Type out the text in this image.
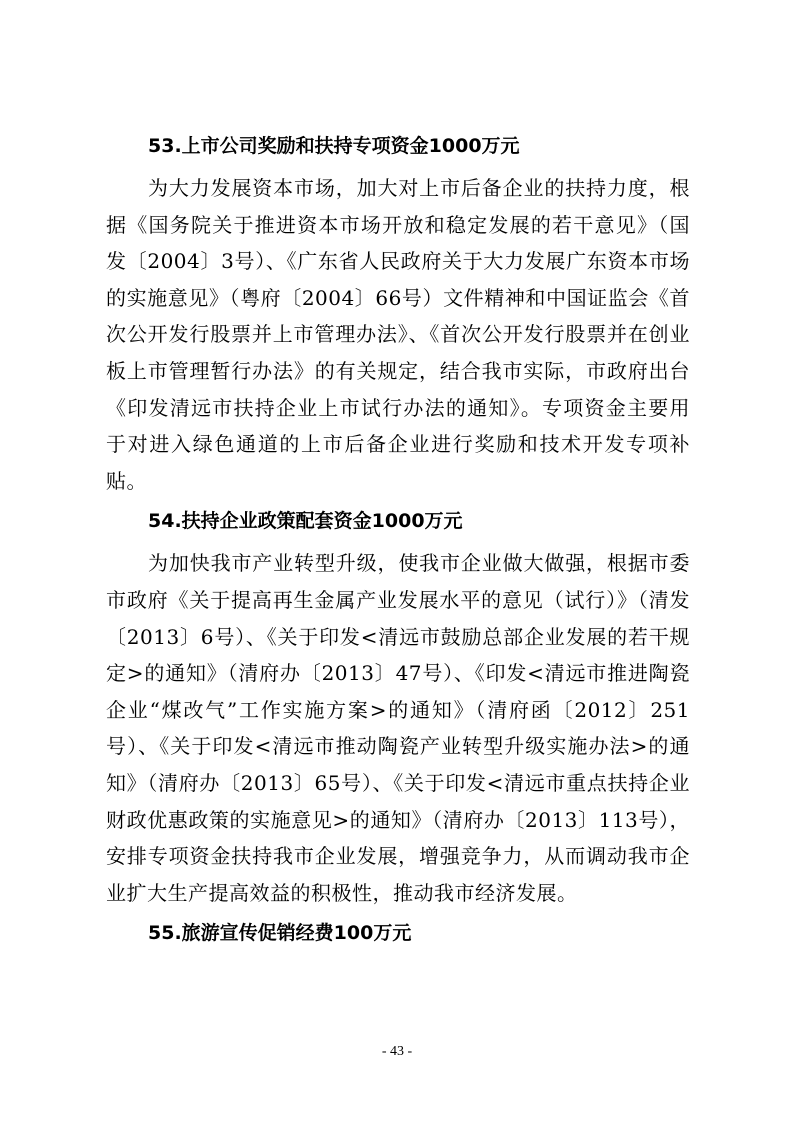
53.上市公司奖励和扶持专项资金1000万元

为大力发展资本市场，加大对上市后备企业的扶持力度，根据《国务院关于推进资本市场开放和稳定发展的若干意见》（国发〔2004〕3号）、《广东省人民政府关于大力发展广东资本市场的实施意见》（粤府〔2004〕66号）文件精神和中国证监会《首次公开发行股票并上市管理办法》、《首次公开发行股票并在创业板上市管理暂行办法》的有关规定，结合我市实际，市政府出台《印发清远市扶持企业上市试行办法的通知》。专项资金主要用于对进入绿色通道的上市后备企业进行奖励和技术开发专项补贴。

54.扶持企业政策配套资金1000万元

为加快我市产业转型升级，使我市企业做大做强，根据市委市政府《关于提高再生金属产业发展水平的意见（试行）》（清发〔2013〕6号）、《关于印发<清远市鼓励总部企业发展的若干规定>的通知》（清府办〔2013〕47号）、《印发<清远市推进陶瓷企业“煤改气”工作实施方案>的通知》（清府函〔2012〕251号）、《关于印发<清远市推动陶瓷产业转型升级实施办法>的通知》（清府办〔2013〕65号）、《关于印发<清远市重点扶持企业财政优惠政策的实施意见>的通知》（清府办〔2013〕113号），安排专项资金扶持我市企业发展，增强竞争力，从而调动我市企业扩大生产提高效益的积极性，推动我市经济发展。

55.旅游宣传促销经费100万元
- 43 -
